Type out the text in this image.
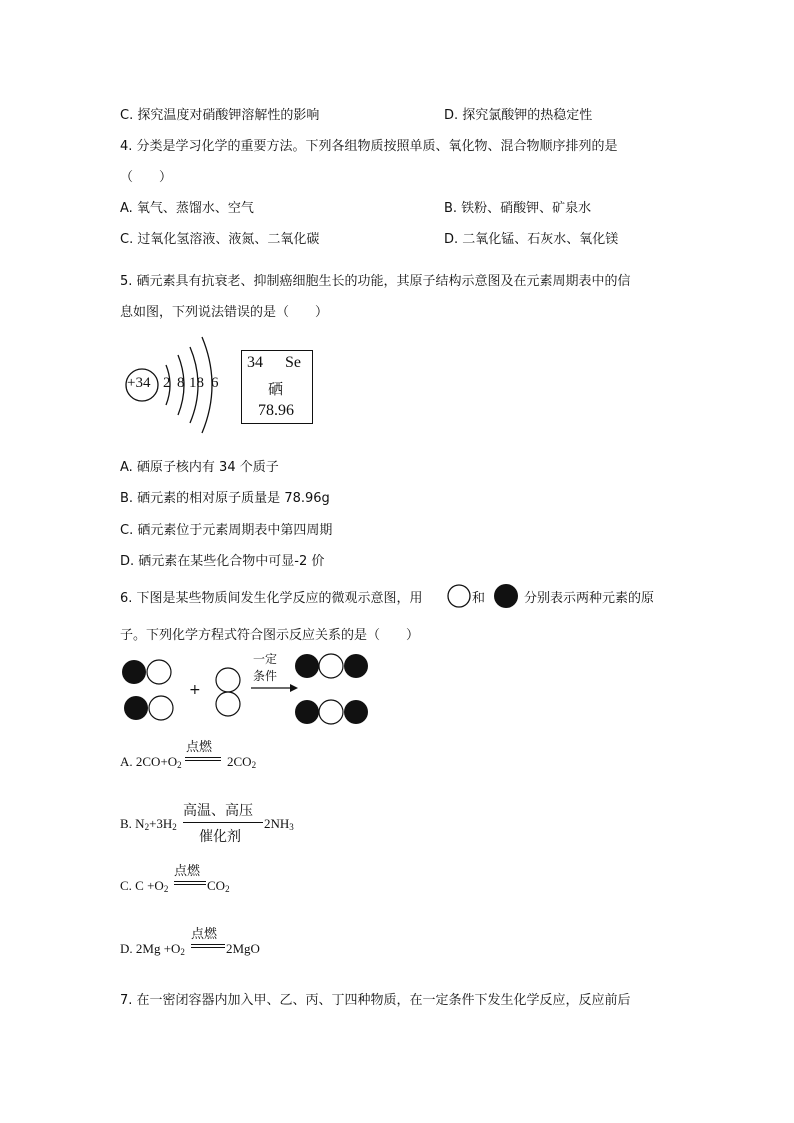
C. 探究温度对硝酸钾溶解性的影响	D. 探究氯酸钾的热稳定性
4. 分类是学习化学的重要方法。下列各组物质按照单质、氧化物、混合物顺序排列的是
（　　）
A. 氧气、蒸馏水、空气	B. 铁粉、硝酸钾、矿泉水
C. 过氧化氢溶液、液氮、二氧化碳	D. 二氧化锰、石灰水、氧化镁
5. 硒元素具有抗衰老、抑制癌细胞生长的功能，其原子结构示意图及在元素周期表中的信
息如图，下列说法错误的是（　　）
+34 2 8 18 6
34 Se
硒
78.96
A. 硒原子核内有 34 个质子
B. 硒元素的相对原子质量是 78.96g
C. 硒元素位于元素周期表中第四周期
D. 硒元素在某些化合物中可显-2 价
6. 下图是某些物质间发生化学反应的微观示意图，用	和	分别表示两种元素的原
子。下列化学方程式符合图示反应关系的是（　　）
+
一定
条件
A. $2CO+O_2$
点燃
$2CO_2$
B. $N_2+3H_2$
高温、高压
催化剂
$2NH_3$
C. $C +O_2$
点燃
$CO_2$
D. $2Mg +O_2$
点燃
2MgO
7. 在一密闭容器内加入甲、乙、丙、丁四种物质，在一定条件下发生化学反应，反应前后
